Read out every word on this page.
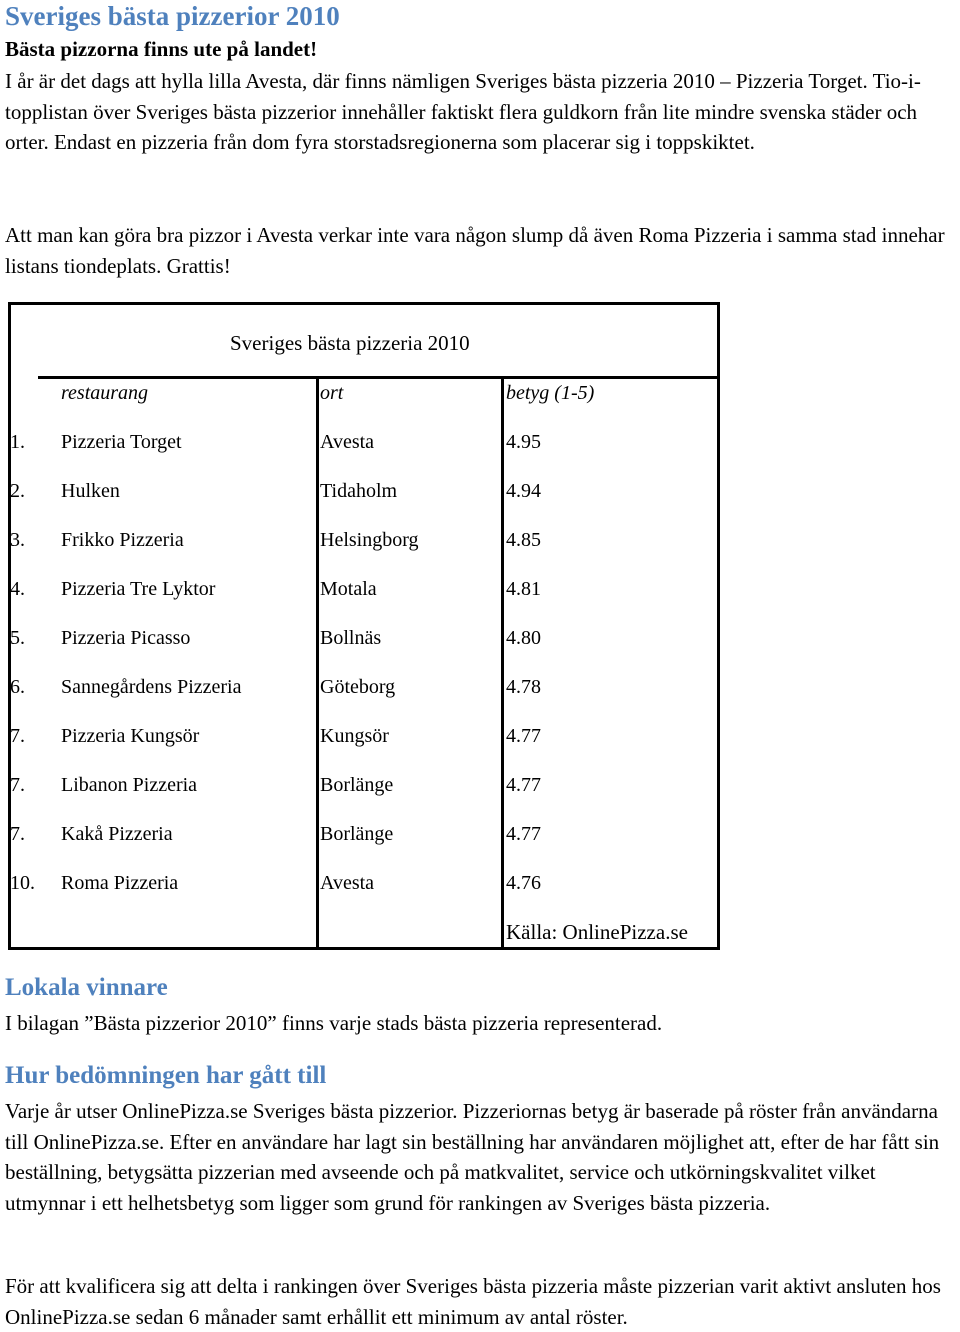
Sveriges bästa pizzerior 2010
Bästa pizzorna finns ute på landet!

I år är det dags att hylla lilla Avesta, där finns nämligen Sveriges bästa pizzeria 2010 – Pizzeria Torget. Tio-i-topplistan över Sveriges bästa pizzerior innehåller faktiskt flera guldkorn från lite mindre svenska städer och orter. Endast en pizzeria från dom fyra storstadsregionerna som placerar sig i toppskiktet.

Att man kan göra bra pizzor i Avesta verkar inte vara någon slump då även Roma Pizzeria i samma stad innehar listans tiondeplats. Grattis!

Sveriges bästa pizzeria 2010
restaurang	ort	betyg (1-5)
1. Pizzeria Torget	Avesta	4.95
2. Hulken	Tidaholm	4.94
3. Frikko Pizzeria	Helsingborg	4.85
4. Pizzeria Tre Lyktor	Motala	4.81
5. Pizzeria Picasso	Bollnäs	4.80
6. Sannegårdens Pizzeria	Göteborg	4.78
7. Pizzeria Kungsör	Kungsör	4.77
7. Libanon Pizzeria	Borlänge	4.77
7. Kakå Pizzeria	Borlänge	4.77
10. Roma Pizzeria	Avesta	4.76
Källa: OnlinePizza.se
Lokala vinnare

I bilagan ”Bästa pizzerior 2010” finns varje stads bästa pizzeria representerad.

Hur bedömningen har gått till

Varje år utser OnlinePizza.se Sveriges bästa pizzerior. Pizzeriornas betyg är baserade på röster från användarna till OnlinePizza.se. Efter en användare har lagt sin beställning har användaren möjlighet att, efter de har fått sin beställning, betygsätta pizzerian med avseende och på matkvalitet, service och utkörningskvalitet vilket utmynnar i ett helhetsbetyg som ligger som grund för rankingen av Sveriges bästa pizzeria.

För att kvalificera sig att delta i rankingen över Sveriges bästa pizzeria måste pizzerian varit aktivt ansluten hos OnlinePizza.se sedan 6 månader samt erhållit ett minimum av antal röster.
